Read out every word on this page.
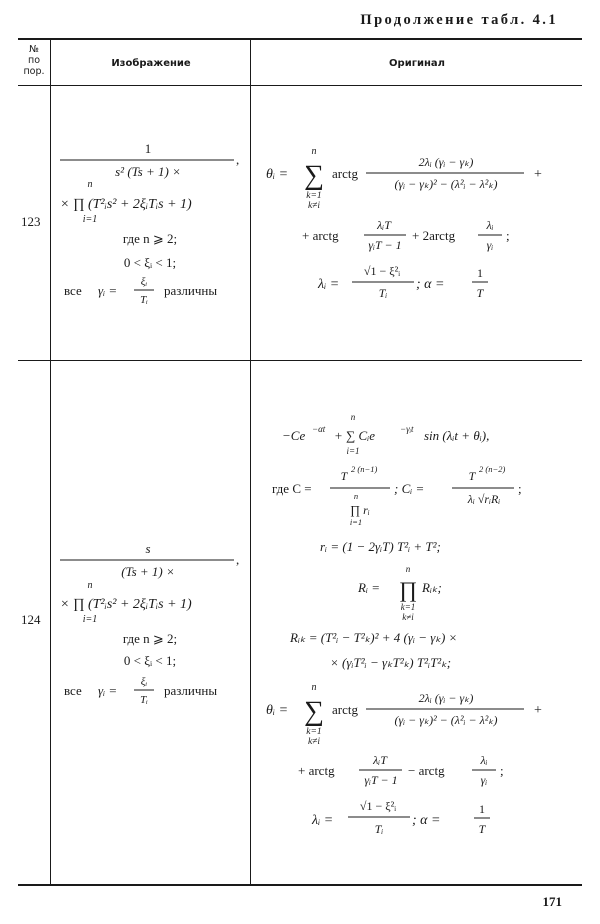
Продолжение табл. 4.1
№
по
пор.
Изображение	Оригинал
123
124
1
s² (Ts + 1) ×
,
n
× ∏ (T²ᵢs² + 2ξᵢTᵢs + 1)
i=1
где n ⩾ 2;
0 < ξᵢ < 1;
все γᵢ =
ξᵢ
Tᵢ
различны
θᵢ =
n
∑
k=1
k≠i
arctg
2λᵢ (γᵢ − γₖ)
(γᵢ − γₖ)² − (λ²ᵢ − λ²ₖ)
+
+ arctg
λᵢT
γᵢT − 1
+ 2arctg
λᵢ
γᵢ
;
λᵢ =
√1 − ξ²ᵢ
Tᵢ
; α =
1
T
s
(Ts + 1) ×
,
n
× ∏ (T²ᵢs² + 2ξᵢTᵢs + 1)
i=1
где n ⩾ 2;
0 < ξᵢ < 1;
все γᵢ =
ξᵢ
Tᵢ
различны
−Ce −αt
n
+ ∑ Cᵢe
i=1
−γᵢt sin (λᵢt + θᵢ),
где C =
T 2 (n−1)
n
∏ rᵢ
i=1
; Cᵢ =
T 2 (n−2)
λᵢ √rᵢRᵢ
;
rᵢ = (1 − 2γᵢT) T²ᵢ + T²;
Rᵢ =
n
∏
k=1
k≠i
Rᵢₖ;
Rᵢₖ = (T²ᵢ − T²ₖ)² + 4 (γᵢ − γₖ) ×
× (γᵢT²ᵢ − γₖT²ₖ) T²ᵢT²ₖ;
θᵢ =
n
∑
k=1
k≠i
arctg
2λᵢ (γᵢ − γₖ)
(γᵢ − γₖ)² − (λ²ᵢ − λ²ₖ)
+
+ arctg
λᵢT
γᵢT − 1
− arctg
λᵢ
γᵢ
;
λᵢ =
√1 − ξ²ᵢ
Tᵢ
; α =
1
T
171
